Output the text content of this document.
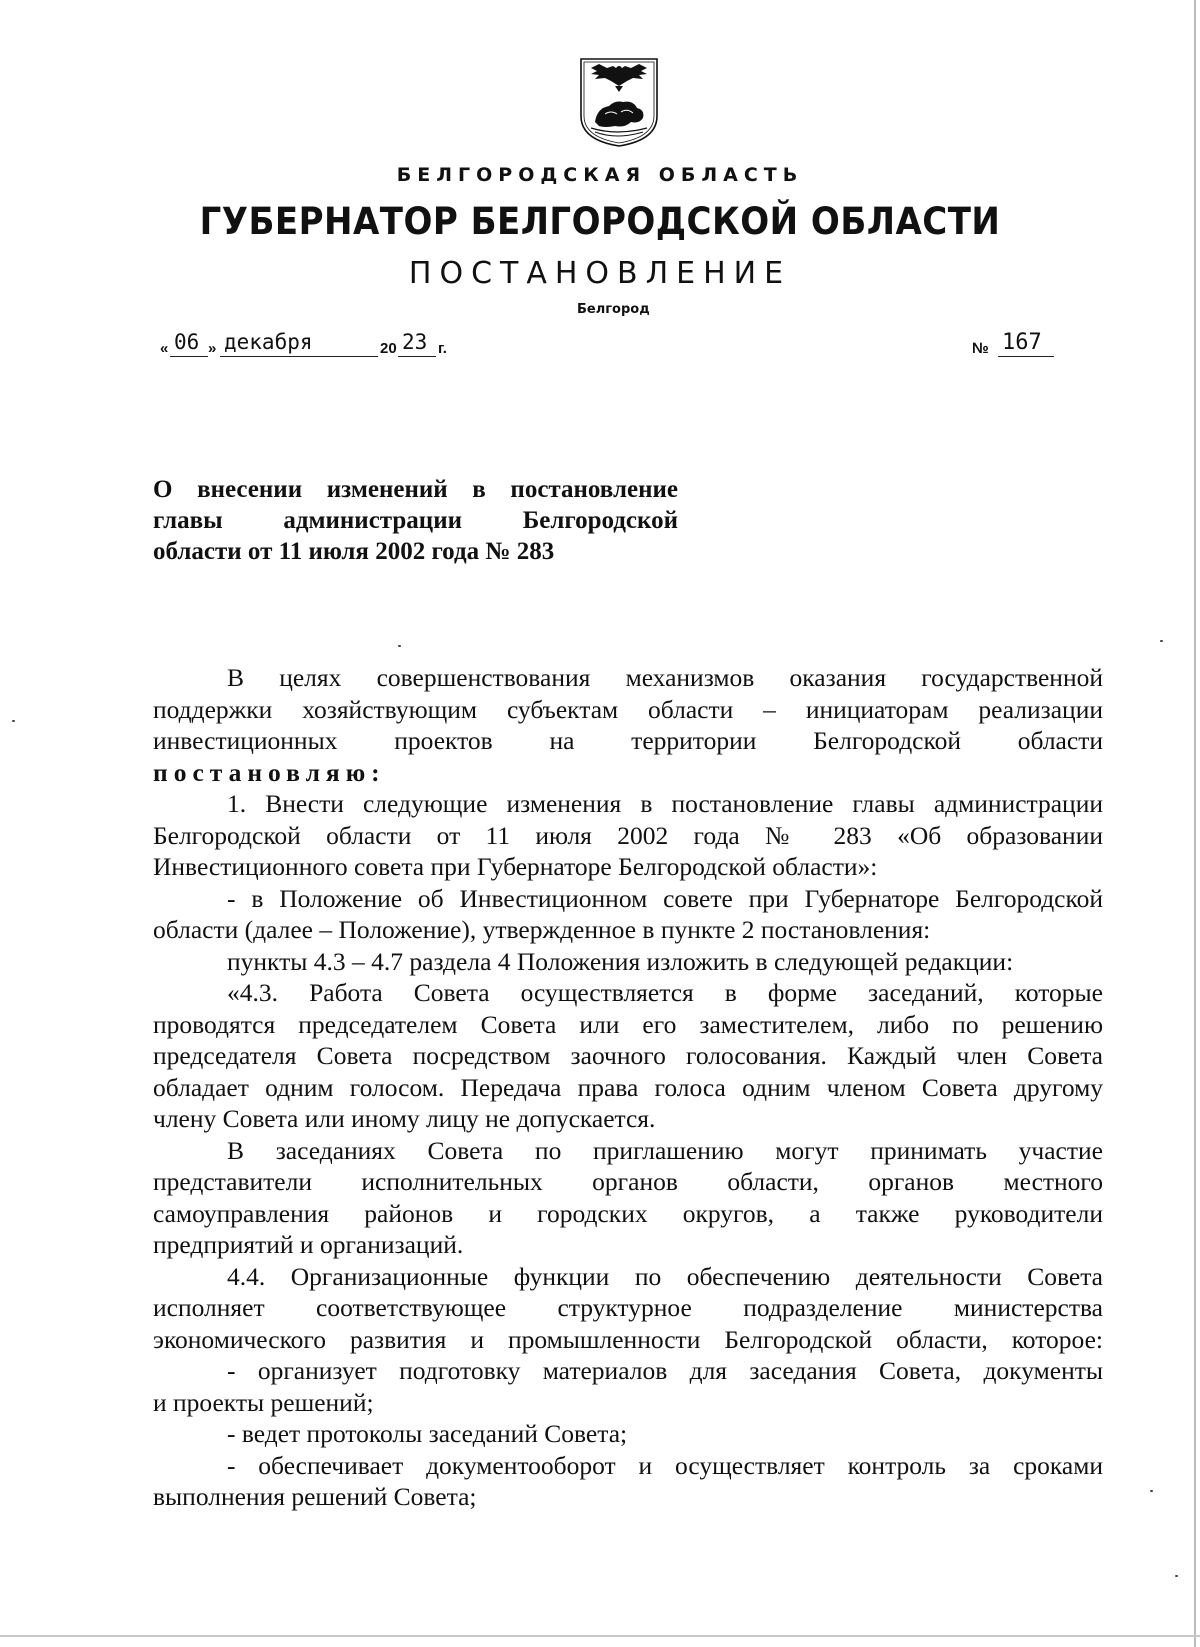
БЕЛГОРОДСКАЯ ОБЛАСТЬ
ГУБЕРНАТОР БЕЛГОРОДСКОЙ ОБЛАСТИ
ПОСТАНОВЛЕНИЕ
Белгород
« 06 » декабря	20 23 г.	№ 167
О внесении изменений в постановление
главы администрации Белгородской
области от 11 июля 2002 года № 283
В целях совершенствования механизмов оказания государственной
поддержки хозяйствующим субъектам области – инициаторам реализации
инвестиционных проектов на территории Белгородской области
постановляю:
1. Внести следующие изменения в постановление главы администрации
Белгородской области от 11 июля 2002 года № 283 «Об образовании
Инвестиционного совета при Губернаторе Белгородской области»:
- в Положение об Инвестиционном совете при Губернаторе Белгородской
области (далее – Положение), утвержденное в пункте 2 постановления:
пункты 4.3 – 4.7 раздела 4 Положения изложить в следующей редакции:
«4.3. Работа Совета осуществляется в форме заседаний, которые
проводятся председателем Совета или его заместителем, либо по решению
председателя Совета посредством заочного голосования. Каждый член Совета
обладает одним голосом. Передача права голоса одним членом Совета другому
члену Совета или иному лицу не допускается.
В заседаниях Совета по приглашению могут принимать участие
представители исполнительных органов области, органов местного
самоуправления районов и городских округов, а также руководители
предприятий и организаций.
4.4. Организационные функции по обеспечению деятельности Совета
исполняет соответствующее структурное подразделение министерства
экономического развития и промышленности Белгородской области, которое:
- организует подготовку материалов для заседания Совета, документы
и проекты решений;
- ведет протоколы заседаний Совета;
- обеспечивает документооборот и осуществляет контроль за сроками
выполнения решений Совета;
